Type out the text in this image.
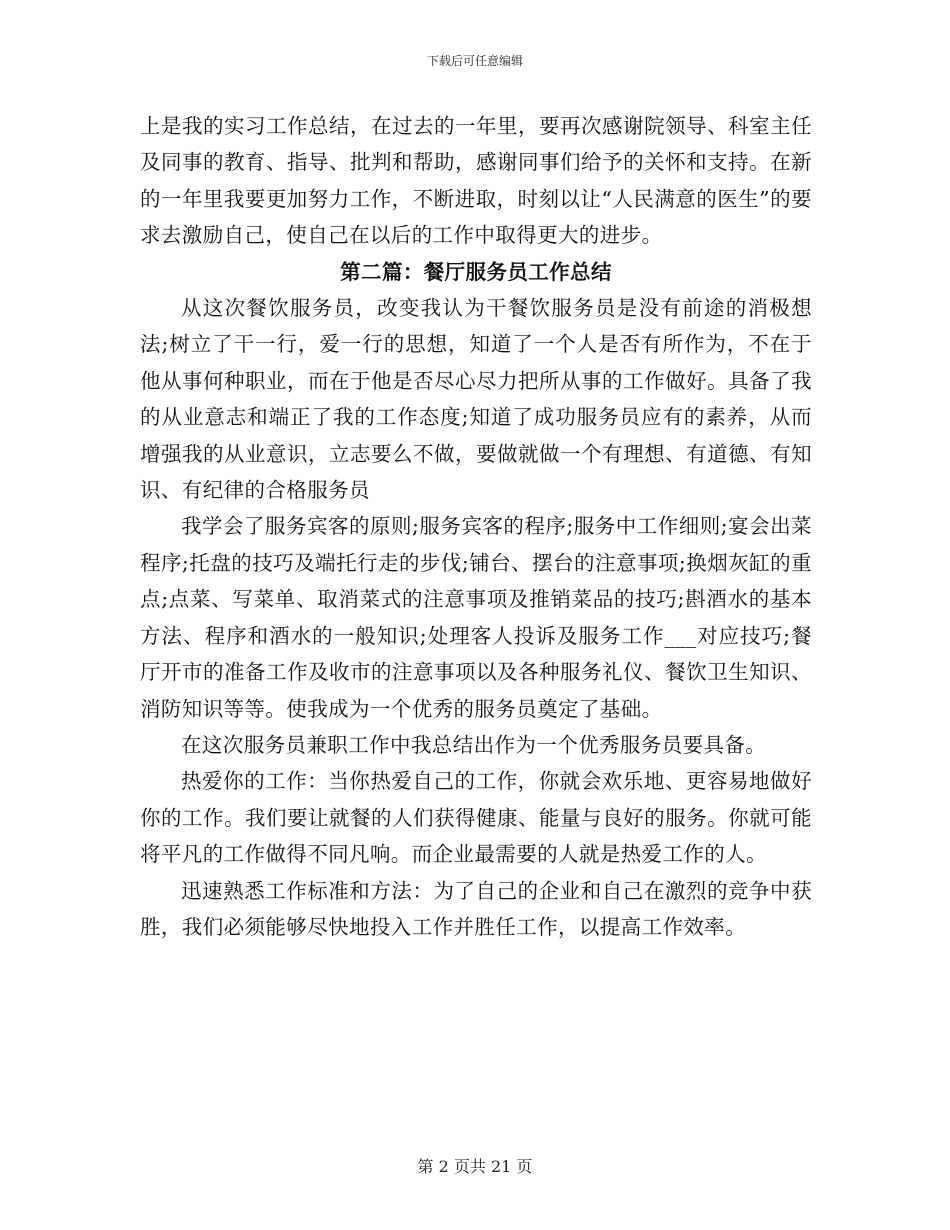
下载后可任意编辑

上是我的实习工作总结，在过去的一年里，要再次感谢院领导、科室主任及同事的教育、指导、批判和帮助，感谢同事们给予的关怀和支持。在新的一年里我要更加努力工作，不断进取，时刻以让“人民满意的医生”的要求去激励自己，使自己在以后的工作中取得更大的进步。

第二篇：餐厅服务员工作总结

从这次餐饮服务员，改变我认为干餐饮服务员是没有前途的消极想法;树立了干一行，爱一行的思想，知道了一个人是否有所作为，不在于他从事何种职业，而在于他是否尽心尽力把所从事的工作做好。具备了我的从业意志和端正了我的工作态度;知道了成功服务员应有的素养，从而增强我的从业意识，立志要么不做，要做就做一个有理想、有道德、有知识、有纪律的合格服务员

我学会了服务宾客的原则;服务宾客的程序;服务中工作细则;宴会出菜程序;托盘的技巧及端托行走的步伐;铺台、摆台的注意事项;换烟灰缸的重点;点菜、写菜单、取消菜式的注意事项及推销菜品的技巧;斟酒水的基本方法、程序和酒水的一般知识;处理客人投诉及服务工作___对应技巧;餐厅开市的准备工作及收市的注意事项以及各种服务礼仪、餐饮卫生知识、消防知识等等。使我成为一个优秀的服务员奠定了基础。

在这次服务员兼职工作中我总结出作为一个优秀服务员要具备。

热爱你的工作：当你热爱自己的工作，你就会欢乐地、更容易地做好你的工作。我们要让就餐的人们获得健康、能量与良好的服务。你就可能将平凡的工作做得不同凡响。而企业最需要的人就是热爱工作的人。

迅速熟悉工作标准和方法：为了自己的企业和自己在激烈的竞争中获胜，我们必须能够尽快地投入工作并胜任工作，以提高工作效率。

第 2 页共 21 页
